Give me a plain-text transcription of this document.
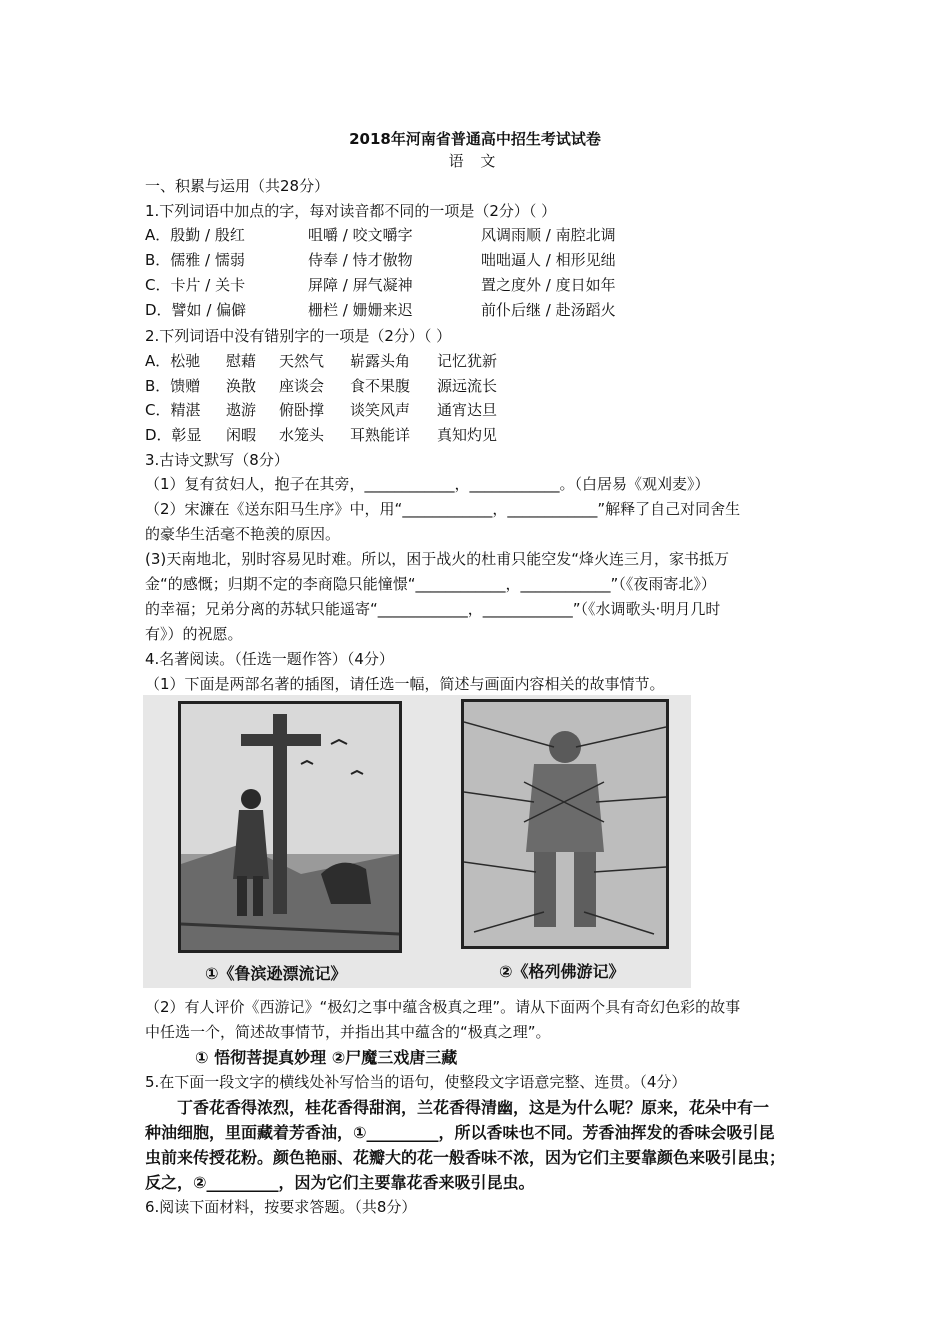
2018年河南省普通高中招生考试试卷
语 文
一、积累与运用（共28分）
1.下列词语中加点的字，每对读音都不同的一项是（2分）（ ）
A．殷勤 / 殷红	咀嚼 / 咬文嚼字	风调雨顺 / 南腔北调
B．儒雅 / 懦弱	侍奉 / 恃才傲物	咄咄逼人 / 相形见绌
C．卡片 / 关卡	屏障 / 屏气凝神	置之度外 / 度日如年
D．譬如 / 偏僻	栅栏 / 姗姗来迟	前仆后继 / 赴汤蹈火
2.下列词语中没有错别字的一项是（2分）（ ）
A．松驰 慰藉 天然气 崭露头角 记忆犹新
B．馈赠 涣散 座谈会 食不果腹 源远流长
C．精湛 遨游 俯卧撑 谈笑风声 通宵达旦
D．彰显 闲暇 水笼头 耳熟能详 真知灼见
3.古诗文默写（8分）
（1）复有贫妇人，抱子在其旁，____________，____________。（白居易《观刈麦》）
（2）宋濂在《送东阳马生序》中，用“____________，____________”解释了自己对同舍生
的豪华生活毫不艳羡的原因。
(3)天南地北，别时容易见时难。所以，困于战火的杜甫只能空发“烽火连三月，家书抵万
金“的感慨；归期不定的李商隐只能憧憬“____________，____________”（《夜雨寄北》）
的幸福；兄弟分离的苏轼只能遥寄“____________，____________”（《水调歌头·明月几时
有》）的祝愿。
4.名著阅读。（任选一题作答）（4分）
（1）下面是两部名著的插图，请任选一幅，简述与画面内容相关的故事情节。
①《鲁滨逊漂流记》	②《格列佛游记》
（2）有人评价《西游记》“极幻之事中蕴含极真之理”。请从下面两个具有奇幻色彩的故事
中任选一个，简述故事情节，并指出其中蕴含的“极真之理”。
① 悟彻菩提真妙理 ②尸魔三戏唐三藏
5.在下面一段文字的横线处补写恰当的语句，使整段文字语意完整、连贯。（4分）
丁香花香得浓烈，桂花香得甜润，兰花香得清幽，这是为什么呢？原来，花朵中有一
种油细胞，里面藏着芳香油，①_________，所以香味也不同。芳香油挥发的香味会吸引昆
虫前来传授花粉。颜色艳丽、花瓣大的花一般香味不浓，因为它们主要靠颜色来吸引昆虫；
反之，②_________，因为它们主要靠花香来吸引昆虫。
6.阅读下面材料，按要求答题。（共8分）
